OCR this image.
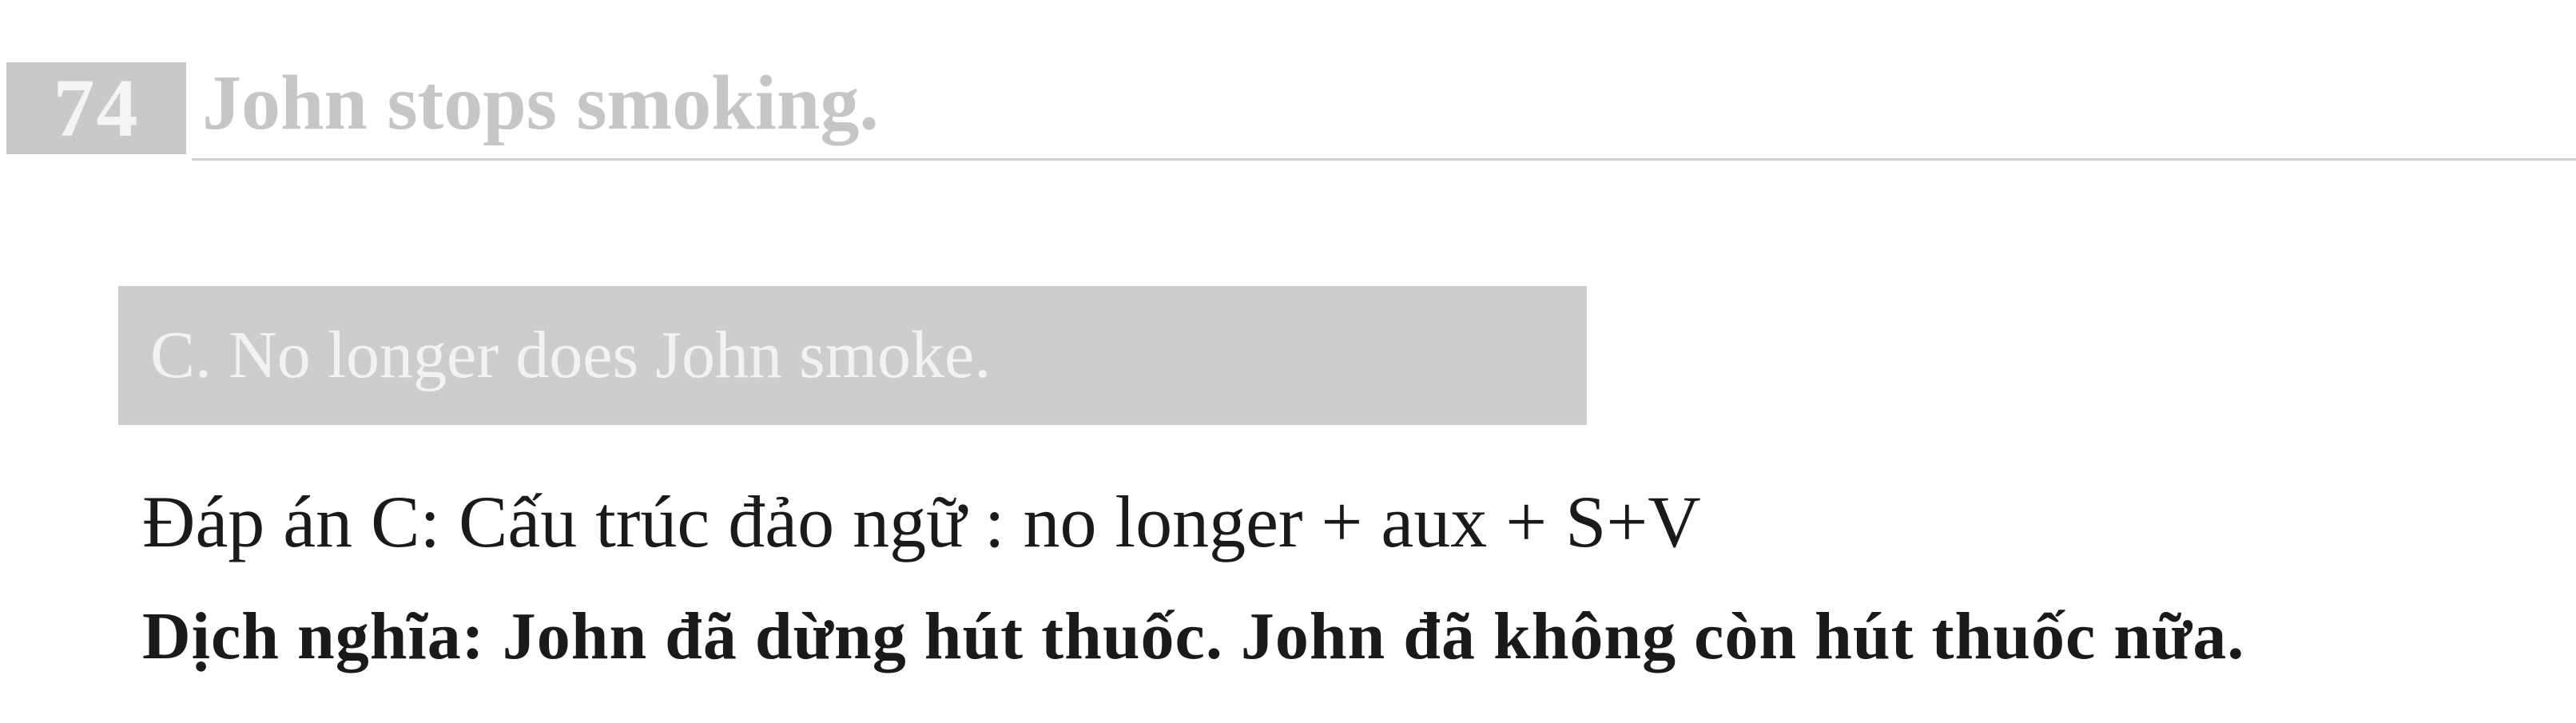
74 John stops smoking.
C. No longer does John smoke.
Đáp án C: Cấu trúc đảo ngữ : no longer + aux + S+V
Dịch nghĩa: John đã dừng hút thuốc. John đã không còn hút thuốc nữa.
